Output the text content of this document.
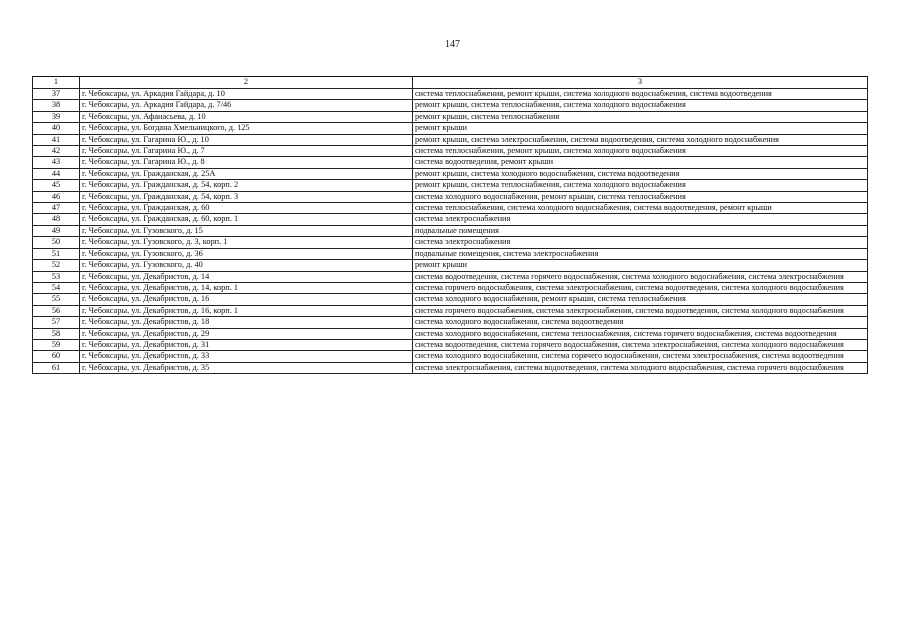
147
1	2	3
37	г. Чебоксары, ул. Аркадия Гайдара, д. 10	система теплоснабжения, ремонт крыши, система холодного водоснабжения, система водоотведения
38	г. Чебоксары, ул. Аркадия Гайдара, д. 7/46	ремонт крыши, система теплоснабжения, система холодного водоснабжения
39	г. Чебоксары, ул. Афанасьева, д. 10	ремонт крыши, система теплоснабжения
40	г. Чебоксары, ул. Богдана Хмельницкого, д. 125	ремонт крыши
41	г. Чебоксары, ул. Гагарина Ю., д. 10	ремонт крыши, система электроснабжения, система водоотведения, система холодного водоснабжения
42	г. Чебоксары, ул. Гагарина Ю., д. 7	система теплоснабжения, ремонт крыши, система холодного водоснабжения
43	г. Чебоксары, ул. Гагарина Ю., д. 8	система водоотведения, ремонт крыши
44	г. Чебоксары, ул. Гражданская, д. 25А	ремонт крыши, система холодного водоснабжения, система водоотведения
45	г. Чебоксары, ул. Гражданская, д. 54, корп. 2	ремонт крыши, система теплоснабжения, система холодного водоснабжения
46	г. Чебоксары, ул. Гражданская, д. 54, корп. 3	система холодного водоснабжения, ремонт крыши, система теплоснабжения
47	г. Чебоксары, ул. Гражданская, д. 60	система теплоснабжения, система холодного водоснабжения, система водоотведения, ремонт крыши
48	г. Чебоксары, ул. Гражданская, д. 60, корп. 1	система электроснабжения
49	г. Чебоксары, ул. Гузовского, д. 15	подвальные помещения
50	г. Чебоксары, ул. Гузовского, д. 3, корп. 1	система электроснабжения
51	г. Чебоксары, ул. Гузовского, д. 36	подвальные помещения, система электроснабжения
52	г. Чебоксары, ул. Гузовского, д. 40	ремонт крыши
53	г. Чебоксары, ул. Декабристов, д. 14	система водоотведения, система горячего водоснабжения, система холодного водоснабжения, система электроснабжения
54	г. Чебоксары, ул. Декабристов, д. 14, корп. 1	система горячего водоснабжения, система электроснабжения, система водоотведения, система холодного водоснабжения
55	г. Чебоксары, ул. Декабристов, д. 16	система холодного водоснабжения, ремонт крыши, система теплоснабжения
56	г. Чебоксары, ул. Декабристов, д. 16, корп. 1	система горячего водоснабжения, система электроснабжения, система водоотведения, система холодного водоснабжения
57	г. Чебоксары, ул. Декабристов, д. 18	система холодного водоснабжения, система водоотведения
58	г. Чебоксары, ул. Декабристов, д. 29	система холодного водоснабжения, система теплоснабжения, система горячего водоснабжения, система водоотведения
59	г. Чебоксары, ул. Декабристов, д. 31	система водоотведения, система горячего водоснабжения, система электроснабжения, система холодного водоснабжения
60	г. Чебоксары, ул. Декабристов, д. 33	система холодного водоснабжения, система горячего водоснабжения, система электроснабжения, система водоотведения
61	г. Чебоксары, ул. Декабристов, д. 35	система электроснабжения, система водоотведения, система холодного водоснабжения, система горячего водоснабжения
